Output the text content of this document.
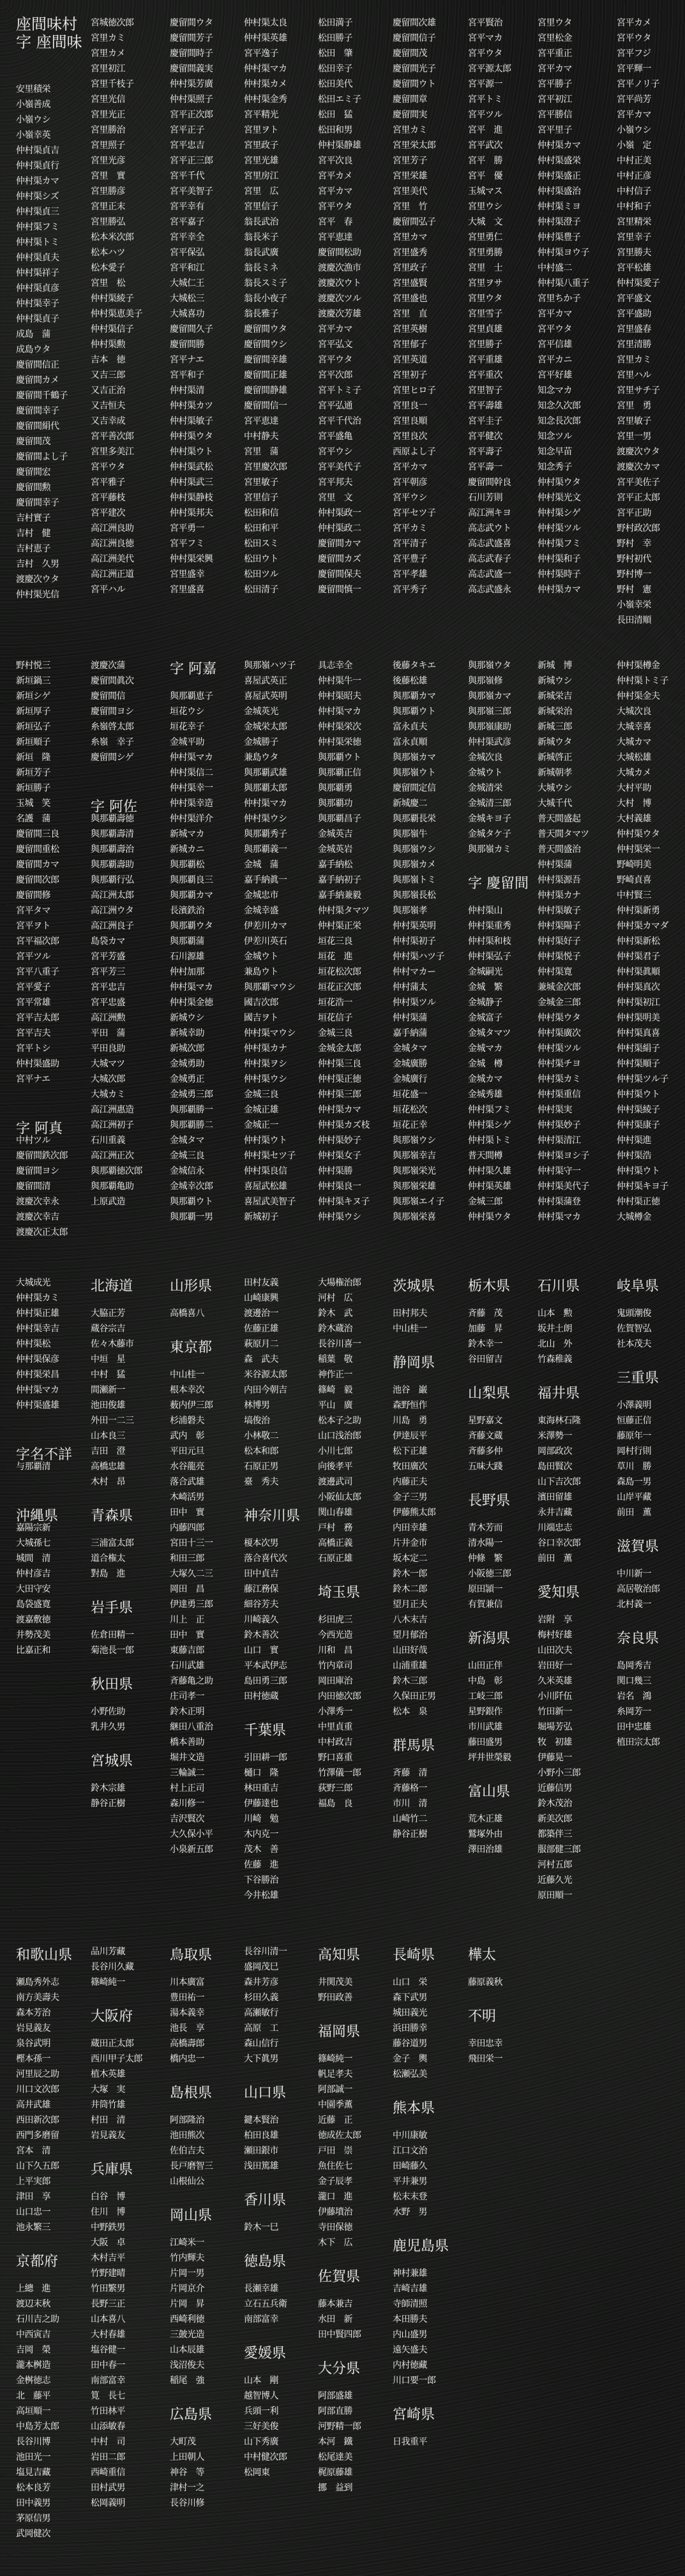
座間味村
字 座間味
安里積栄
小嶺善成
小嶺ウシ
小嶺幸英
仲村渠貞吉
仲村渠貞行
仲村渠カマ
仲村渠シズ
仲村渠貞三
仲村渠フミ
仲村渠トミ
仲村渠貞夫
仲村渠祥子
仲村渠貞彦
仲村渠幸子
仲村渠貞子
成島　蒲
成島ウタ
慶留間信正
慶留間カメ
慶留間千鶴子
慶留間幸子
慶留間絹代
慶留間茂
慶留間よし子
慶留間宏
慶留間勲
慶留間幸子
吉村實子
吉村　健
吉村恵子
吉村　久男
渡慶次ウタ
仲村渠光信
宮城徳次郎
宮里カミ
宮里カメ
宮里初江
宮里千枝子
宮里光信
宮里光正
宮里勝治
宮里照子
宮里光彦
宮里　實
宮里勝彦
宮里正末
宮里勝弘
松本米次郎
松本ハツ
松本愛子
宮里　松
仲村渠綾子
仲村渠恵美子
仲村渠信子
仲村渠勲
吉本　徳
又吉三郎
又吉正治
又吉恒夫
又吉幸成
宮平善次郎
宮里多美江
宮平ウタ
宮平雅子
宮平藤枝
宮平建次
高江洲良助
高江洲良徳
高江洲美代
高江洲正道
宮平ハル
慶留間ウタ
慶留間芳子
慶留間時子
慶留間義実
仲村渠芳廣
仲村渠照子
宮平正次郎
宮平正子
宮平忠吉
宮平正三郎
宮平千代
宮平美智子
宮平幸有
宮平嘉子
宮平幸全
宮平保弘
宮平和江
大城仁王
大城松三
大城喜功
慶留間久子
慶留間勝
宮平ナエ
宮平和子
仲村渠清
仲村渠カツ
仲村渠敏子
仲村渠ウタ
仲村渠ウト
仲村渠武松
仲村渠武三
仲村渠静枝
仲村渠邦夫
宮平勇一
宮平フミ
仲村渠栄興
宮里盛幸
宮里盛喜
仲村渠太良
仲村渠英雄
宮平逸子
仲村渠マカ
仲村渠カメ
仲村渠金秀
宮平精光
宮里ヲト
宮里政子
宮里光雄
宮里房江
宮里　広
宮里信子
翁長武治
翁長米子
翁長武廣
翁長ミネ
翁長スミ子
翁長小夜子
翁長雅子
慶留間ウタ
慶留間ウシ
慶留間幸雄
慶留間正雄
慶留間静雄
慶留間信一
宮平恵達
中村静夫
宮里　蒲
宮里慶次郎
宮里敏子
宮里信子
松田和信
松田和平
松田スミ
松田ウト
松田ツル
松田清子
松田満子
松田勝子
松田　肇
松田幸子
松田美代
松田エミ子
松田　猛
松田和男
仲村渠静雄
宮平次良
宮平カメ
宮平カマ
宮平ウタ
宮平　春
宮平恵達
慶留間松助
渡慶次漁市
渡慶次ウト
渡慶次ツル
渡慶次芳雄
宮平カマ
宮平弘文
宮平ウタ
宮平次郎
宮平トミ子
宮平弘通
宮平千代治
宮平盛亀
宮平ウシ
宮平美代子
宮平邦夫
宮里　文
仲村渠政一
仲村渠政二
慶留間カマ
慶留間カズ
慶留間保夫
慶留間慎一
慶留間次雄
慶留間信子
慶留間茂
慶留間光子
慶留間ウト
慶留間章
慶留間実
宮里カミ
宮里栄太郎
宮里芳子
宮里栄雄
宮里美代
宮里　竹
慶留間弘子
宮里カマ
宮里盛秀
宮里政子
宮里盛賢
宮里盛也
宮里　直
宮里英樹
宮里郁子
宮里英道
宮里初子
宮里ヒロ子
宮里良一
宮里良順
宮里良次
西原よし子
宮平カマ
宮平朝彦
宮平ウシ
宮平セツ子
宮平カミ
宮平清子
宮平豊子
宮平孝雄
宮平秀子
宮平賢治
宮平マカ
宮平ウタ
宮平源太郎
宮平源一
宮平トミ
宮平ツル
宮平　進
宮平武次
宮平　勝
宮平　優
玉城マス
宮里ウシ
大城　文
宮里勇仁
宮里勇勝
宮里　士
宮里ヲサ
宮里ウタ
宮里雪子
宮里貞雄
宮里勝子
宮平重雄
宮平重次
宮里智子
宮平壽雄
宮平圭子
宮平健次
宮平壽子
宮平壽一
慶留間幹良
石川芳則
高江洲キヨ
高志武ウト
高志武盛喜
高志武春子
高志武盛一
高志武盛永
宮里ウタ
宮里松金
宮平重正
宮平カマ
宮平勝子
宮平初江
宮平勝信
宮平里子
仲村渠カマ
仲村渠盛栄
仲村渠盛正
仲村渠盛治
仲村渠ミヨ
仲村渠澄子
仲村渠豊子
仲村渠ヨウ子
中村盛二
仲村渠八重子
宮里ちか子
宮平カマ
宮平ウタ
宮平信雄
宮平カニ
宮平好雄
知念マカ
知念久次郎
知念長次郎
知念ツル
知念早苗
知念秀子
仲村渠ウタ
仲村渠光文
仲村渠シゲ
仲村渠ツル
仲村渠フミ
仲村渠和子
仲村渠時子
仲村渠カマ
宮平カメ
宮平ウタ
宮平フジ
宮平輝一
宮平ノリ子
宮平尚芳
宮平カマ
小嶺ウシ
小嶺　定
中村正美
中村正彦
中村信子
中村和子
宮里精栄
宮里幸子
宮里勝夫
宮平松雄
仲村渠愛子
宮平盛文
宮平盛助
宮里盛春
宮里清勝
宮里カミ
宮里ハル
宮里サチ子
宮里　勇
宮里敏子
宮里一男
渡慶次ウタ
渡慶次カマ
宮平美佐子
宮平正太郎
宮平正助
野村政次郎
野村　幸
野村初代
野村博一
野村　憲
小嶺幸栄
長田清順
野村悦三
新垣鍋三
新垣シゲ
新垣厚子
新垣弘子
新垣順子
新垣　隆
新垣芳子
新垣勝子
玉城　笑
名護　蒲
慶留間三良
慶留間重松
慶留間カマ
慶留間次郎
慶留間修
宮平タマ
宮平ヲト
宮平福次郎
宮平ツル
宮平八重子
宮平愛子
宮平常雄
宮平吉太郎
宮平吉夫
宮平トシ
仲村渠盛助
宮平ナエ
字 阿真
中村ツル
慶留間鉄次郎
慶留間ヨシ
慶留間清
渡慶次幸永
渡慶次幸吉
渡慶次正太郎
渡慶次蒲
慶留間眞次
慶留間信
慶留間ヨシ
糸嶺啓太郎
糸嶺　幸子
慶留間シゲ
字 阿佐
與那覇壽徳
與那覇壽清
與那覇壽治
與那覇壽助
與那覇行弘
高江洲太郎
高江洲ウタ
高江洲良子
島袋カマ
宮平芳盛
宮平芳三
宮平忠吉
宮平忠盛
高江洲勲
平田　蒲
平田良助
大城マツ
大城次郎
大城カミ
高江洲惠造
高江洲初子
石川重義
高江洲正次
與那覇徳次郎
與那覇亀助
上原武造
字 阿嘉
與那覇恵子
垣花ウシ
垣花幸子
金城平助
仲村渠マカ
仲村渠信二
仲村渠幸一
仲村渠幸造
仲村渠洋介
新城マカ
新城カニ
與那覇松
與那覇良三
與那覇カマ
長濱鉄治
與那覇ウタ
與那覇蒲
石川源雄
仲村加那
仲村渠マカ
仲村渠金徳
新城ウシ
新城幸助
新城次郎
金城勇助
金城勇正
金城勇三郎
與那覇勝一
與那覇勝二
金城タマ
金城三良
金城信永
金城幸次郎
與那覇ウト
與那覇一男
與那嶺ハツ子
喜屋武英正
喜屋武英明
金城英光
金城栄太郎
金城勝子
兼島ウタ
與那覇武雄
與那覇太郎
仲村渠マカ
仲村渠ウシ
與那覇秀子
與那覇義一
金城　蒲
嘉手納眞一
金城忠市
金城幸盛
伊差川カマ
伊差川英石
金城ウト
兼島ウト
與那覇マウシ
國吉次郎
國吉ヲト
仲村渠マウシ
仲村渠カナ
仲村渠ヲシ
仲村渠ウシ
金城三良
金城正雄
金城正一
仲村渠ウト
仲村渠セツ子
仲村渠良信
喜屋武松雄
喜屋武美智子
新城初子
具志幸全
仲村渠牛一
仲村渠昭夫
仲村渠マカ
仲村渠栄次
仲村渠栄徳
與那覇ウト
與那覇正信
與那覇勇
與那覇功
與那覇昌子
金城英吉
金城英岩
嘉手納松
嘉手納初子
嘉手納兼毅
仲村渠タマツ
仲村渠正栄
垣花三良
垣花　進
垣花松次郎
垣花正次郎
垣花浩一
垣花信子
金城三良
金城金太郎
仲村渠三良
仲村渠正徳
仲村渠三郎
仲村渠カマ
仲村渠カズ枝
仲村渠妙子
仲村渠女子
仲村渠勝
仲村渠良一
仲村渠キヌ子
仲村渠ウシ
後藤タキエ
後藤松雄
與那覇カマ
與那覇ウト
富永貞夫
富永貞順
與那嶺カマ
與那嶺ウト
慶留間定信
新城慶二
與那覇長栄
與那嶺牛
與那嶺ウシ
與那嶺カメ
與那嶺トミ
與那嶺長松
與那嶺孝
仲村渠英明
仲村渠初子
仲村渠ハツ子
仲村マカー
仲村蒲太
仲村渠ツル
仲村渠蒲
嘉手納蒲
金城タマ
金城廣勝
金城廣行
垣花盛一
垣花松次
垣花正幸
與那嶺ウシ
與那嶺幸吉
與那嶺栄光
與那嶺栄雄
與那嶺エイ子
與那嶺栄喜
與那嶺ウタ
與那嶺修
與那嶺カマ
與那嶺三郎
與那嶺康助
仲村渠武彦
金城次良
金城ウト
金城清栄
金城清三郎
金城キヨ子
金城タケ子
與那嶺カミ
字 慶留間
仲村渠山
仲村渠重秀
仲村渠和枝
仲村渠弘子
金城嗣光
金城　繁
金城静子
金城富子
金城タマツ
金城マカ
金城　樽
金城カマ
金城秀雄
仲村渠フミ
仲村渠シゲ
仲村渠トミ
普天間樽
仲村渠久雄
仲村渠英雄
金城三郎
仲村渠ウタ
新城　博
新城ウシ
新城栄吉
新城栄治
新城三郎
新城ウタ
新城啓正
新城朝孝
大城ウシ
大城千代
普天間盛起
普天間タマツ
普天間盛治
仲村渠蒲
仲村渠源吾
仲村渠カナ
仲村渠敏子
仲村渠陽子
仲村渠好子
仲村渠悦子
仲村渠寛
兼城金次郎
金城金三郎
仲村渠ウタ
仲村渠廣次
仲村渠ツル
仲村渠チヨ
仲村渠カミ
仲村渠重信
仲村渠実
仲村渠妙子
仲村渠清江
仲村渠ヨシ子
仲村渠守一
仲村渠美代子
仲村渠蒲登
仲村渠マカ
仲村渠樽金
仲村渠トミ子
仲村渠金夫
大城次良
大城幸喜
大城カマ
大城松雄
大城カメ
大村平助
大村　博
大村義雄
仲村渠ウタ
仲村渠栄一
野崎明美
野崎貞喜
中村賢三
仲村渠新勇
仲村渠カマダ
仲村渠新松
仲村渠君子
仲村渠眞順
仲村渠真次
仲村渠初江
仲村渠明美
仲村渠真喜
仲村渠絹子
仲村渠順子
仲村渠ツル子
仲村渠ウト
仲村渠綾子
仲村渠康子
仲村渠進
仲村渠浩
仲村渠ウト
仲村渠キヨ子
仲村渠正徳
大城樽金
大城成光
仲村渠カミ
仲村渠正雄
仲村渠幸吉
仲村渠松
仲村渠保彦
仲村渠栄昌
仲村渠マカ
仲村渠盛雄
字名不詳
与那覇清
沖縄県
嘉陽宗新
大城孫七
城間　清
仲村彦吉
大田守安
島袋盛寛
渡嘉敷徳
井勢茂美
比嘉正和
北海道
大脇正芳
蔵谷宗吉
佐々木藤市
中垣　星
中村　猛
間瀬新一
池田俊雄
外田一二三
山本良三
吉田　澄
高橋忠雄
木村　昂
青森県
三浦富太郎
道合権太
對島　進
岩手県
佐倉田精一
菊池長一郎
秋田県
小野佐助
乳井久男
宮城県
鈴木宗雄
静谷正樹
山形県
高橋喜八
東京都
中山桂一
根本幸次
薮内伊三郎
杉浦磐夫
武内　彰
平田元旦
水谷龍亮
落合武雄
木崎活男
田中　實
内藤四郎
宮田十三一
和田三郎
大塚久二三
岡田　昌
伊達勇三郎
川上　正
田中　實
東藤吉郎
石川武雄
斉藤亀之助
庄司孝一
鈴木正明
継田八重治
橋本善助
堀井文造
三輪誠二
村上正司
森川修一
吉沢賢次
大久保小平
小泉新五郎
田村友義
山崎康興
渡邊治一
佐藤正雄
萩原月二
森　武夫
米谷源太郎
内田今朝吉
林博男
塙俊治
小林敬二
松本和郎
石原正男
臺　秀夫
神奈川県
榎本次男
落合喜代次
田中貞吉
藤江務保
細谷芳夫
川崎義久
鈴木善次
山口　實
平本武伊志
島田勇三郎
田村徳蔵
千葉県
引田耕一郎
樋口　隆
林田重吉
伊藤達也
川崎　勉
木内克一
茂木　善
佐藤　進
下谷勝治
今井松雄
大場権治郎
河村　広
鈴木　武
鈴木蔵治
長谷川喜一
稲葉　敬
神作正一
篠崎　毅
平山　廣
松本子之助
山口浅治郎
小川七郎
向後孝平
渡邊武司
小阪仙太郎
関山春雄
戸村　務
高橋正義
石原正雄
埼玉県
杉田虎三
今西光造
川和　昌
竹内章司
岡田庫治
内田徳次郎
小澤秀一
中里貞重
中村政吉
野口喜重
竹澤儀一郎
荻野三郎
福島　良
茨城県
田村邦夫
中山桂一
静岡県
池谷　巌
森野恒作
川島　勇
伊達辰平
松下正雄
牧田廣次
内藤正夫
金子三男
伊藤熊太郎
内田幸雄
片井金市
坂本定二
鈴木一郎
鈴木二郎
望月正夫
八木末吉
望月郁治
山田好哉
山浦重雄
鈴木三郎
久保田正男
松本　泉
群馬県
斉藤　清
斉藤格一
市川　清
山崎竹二
静谷正樹
栃木県
斉藤　茂
加藤　昇
鈴木幸一
谷田留吉
山梨県
星野嘉文
斉藤文蔵
斉藤多仲
五味大踐
長野県
青木芳而
清水陽一
仲條　繁
小阪徳三郎
原田頴一
有賀兼信
新潟県
山田正伴
中島　彰
工岐三郎
星野銀作
市川武雄
藤田盛男
坪井世榮毅
富山県
荒木正雄
鷲塚外由
澤田治雄
石川県
山本　勲
坂井土朗
北山　外
竹森稚義
福井県
東海林石隆
米澤勢一
岡部政次
島田賢次
山下吉次郎
濱田留雄
永井吉藏
川端忠志
谷口幸次郎
前田　薫
愛知県
岩附　享
梅村好雄
山田次夫
岩田好一
久米英雄
小川阡伍
竹田新一
堀場芳弘
牧　初雄
伊藤晃一
小野小三郎
近藤信男
鈴木茂治
新美次郎
都築伴三
服部健三郎
河村五郎
近藤久光
原田順一
岐阜県
鬼頭潮俊
佐賀智弘
社本茂夫
三重県
小澤義明
恒藤正信
藤原年一
岡村行則
草川　勝
森島一男
山岸平藏
前田　薫
滋賀県
中川新一
高居敬治郎
北村義一
奈良県
島岡秀吉
関口幾三
岩名　鴻
糸岡芳一
田中忠雄
植田宗太郎
和歌山県
瀬島秀外志
南方美壽夫
森本芳治
岩見義友
泉谷武明
樫本孫一
河里辰之助
川口文次郎
高井武雄
西田新次郎
西門多磨留
宮本　清
山下久五郎
上平実郎
津田　享
山口忠一
池永繁三
京都府
上總　進
渡辺末秋
石川吉之助
中西寅吉
吉岡　榮
瀧本桝造
金桝徳志
北　藤平
高垣順一
中島芳太郎
長谷川博
池田光一
塩見吉藏
松本良芳
田中義男
茅原信男
武岡健次
品川芳藏
長谷川久藏
篠崎純一
大阪府
蔵田正太郎
西川甲子太郎
植木英雄
大塚　実
井筒竹雄
村田　清
岩見義友
兵庫県
白谷　博
住川　博
中野鉄男
大阪　卓
木村吉平
竹野建晴
竹田繁男
長野三正
山本喜八
大村春雄
塩谷健一
田中春一
南部富幸
筧　長七
竹田林平
山添敏春
中村　司
岩田二郎
西崎重信
田村武男
松岡義明
鳥取県
川本廣富
豊田祐一
湯本義幸
池長　享
高橋壽郎
橋内忠一
島根県
阿部隆治
池田熊次
佐伯吉夫
長戸磨智三
山根仙公
岡山県
江崎米一
竹内輝夫
片岡一男
片岡京介
片岡　昇
西崎利徳
三皷光造
山本辰雄
浅沼俊夫
稲尾　強
広島県
大町茂
上田朝人
神谷　等
津村一之
長谷川修
長谷川清一
盛岡茂巳
森井芳彦
杉田久義
高瀬敏行
高原　工
森山信行
大下眞男
山口県
鍵本賢治
柏田良雄
瀬田銀市
浅田篤雄
香川県
鈴木一巳
徳島県
長瀬幸雄
立石五兵衛
南部富幸
愛媛県
山本　剛
越智博人
兵頭一利
三好美俊
山下秀廣
中村健次郎
松岡東
高知県
井関茂美
野田政善
福岡県
篠崎純一
帆足孝夫
阿部誠一
中園季薫
近藤　正
徳成佐太郎
戸田　崇
魚住佐七
金子辰孝
瀧口　進
伊藤墳治
寺田保徳
木下　広
佐賀県
藤本兼吉
水田　新
田中賢四郎
大分県
阿部盛雄
阿部直勝
河野精一郎
本河　鐵
松尾達美
梶原藤雄
挪　益到
長崎県
山口　栄
森下武男
城田義光
浜田勝幸
藤谷道男
金子　輿
松瀬弘美
熊本県
中川康敏
江口文治
田崎藤久
平井兼男
松末末登
水野　男
鹿児島県
神村兼雄
吉崎吉雄
寺師清照
本田勝夫
内山盛男
遠矢盛夫
内村徳藏
川口要一郎
宮崎県
日我重平
樺太
藤原義秋
不明
幸田忠幸
飛田栄一
